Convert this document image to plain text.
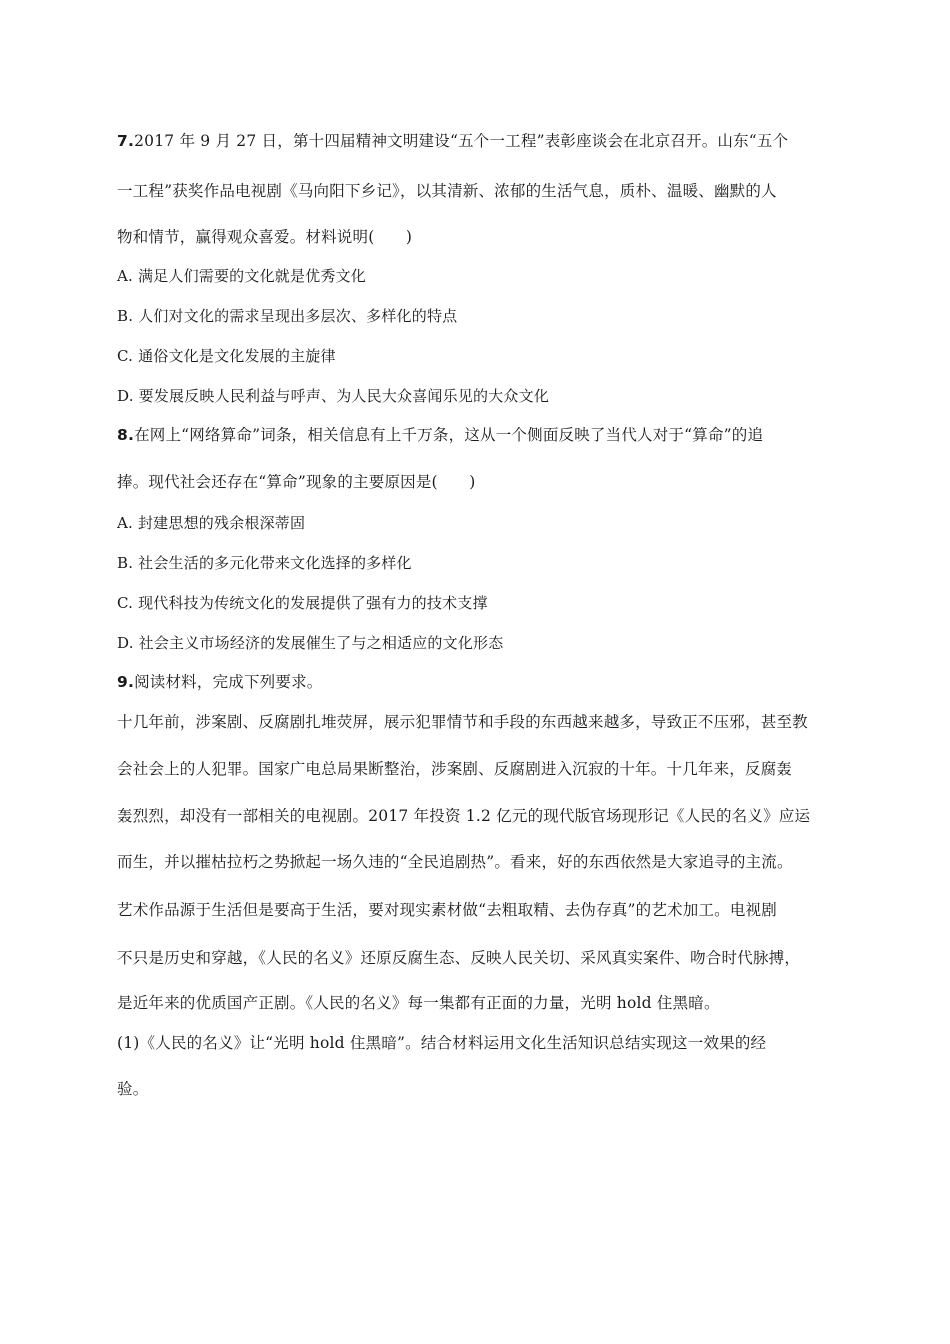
7.2017 年 9 月 27 日，第十四届精神文明建设“五个一工程”表彰座谈会在北京召开。山东“五个
一工程”获奖作品电视剧《马向阳下乡记》，以其清新、浓郁的生活气息，质朴、温暖、幽默的人
物和情节，赢得观众喜爱。材料说明(　　)
A. 满足人们需要的文化就是优秀文化
B. 人们对文化的需求呈现出多层次、多样化的特点
C. 通俗文化是文化发展的主旋律
D. 要发展反映人民利益与呼声、为人民大众喜闻乐见的大众文化
8.在网上“网络算命”词条，相关信息有上千万条，这从一个侧面反映了当代人对于“算命”的追
捧。现代社会还存在“算命”现象的主要原因是(　　)
A. 封建思想的残余根深蒂固
B. 社会生活的多元化带来文化选择的多样化
C. 现代科技为传统文化的发展提供了强有力的技术支撑
D. 社会主义市场经济的发展催生了与之相适应的文化形态
9.阅读材料，完成下列要求。
十几年前，涉案剧、反腐剧扎堆荧屏，展示犯罪情节和手段的东西越来越多，导致正不压邪，甚至教
会社会上的人犯罪。国家广电总局果断整治，涉案剧、反腐剧进入沉寂的十年。十几年来，反腐轰
轰烈烈，却没有一部相关的电视剧。2017 年投资 1.2 亿元的现代版官场现形记《人民的名义》应运
而生，并以摧枯拉朽之势掀起一场久违的“全民追剧热”。看来，好的东西依然是大家追寻的主流。
艺术作品源于生活但是要高于生活，要对现实素材做“去粗取精、去伪存真”的艺术加工。电视剧
不只是历史和穿越，《人民的名义》还原反腐生态、反映人民关切、采风真实案件、吻合时代脉搏，
是近年来的优质国产正剧。《人民的名义》每一集都有正面的力量，光明 hold 住黑暗。
(1)《人民的名义》让“光明 hold 住黑暗”。结合材料运用文化生活知识总结实现这一效果的经
验。
